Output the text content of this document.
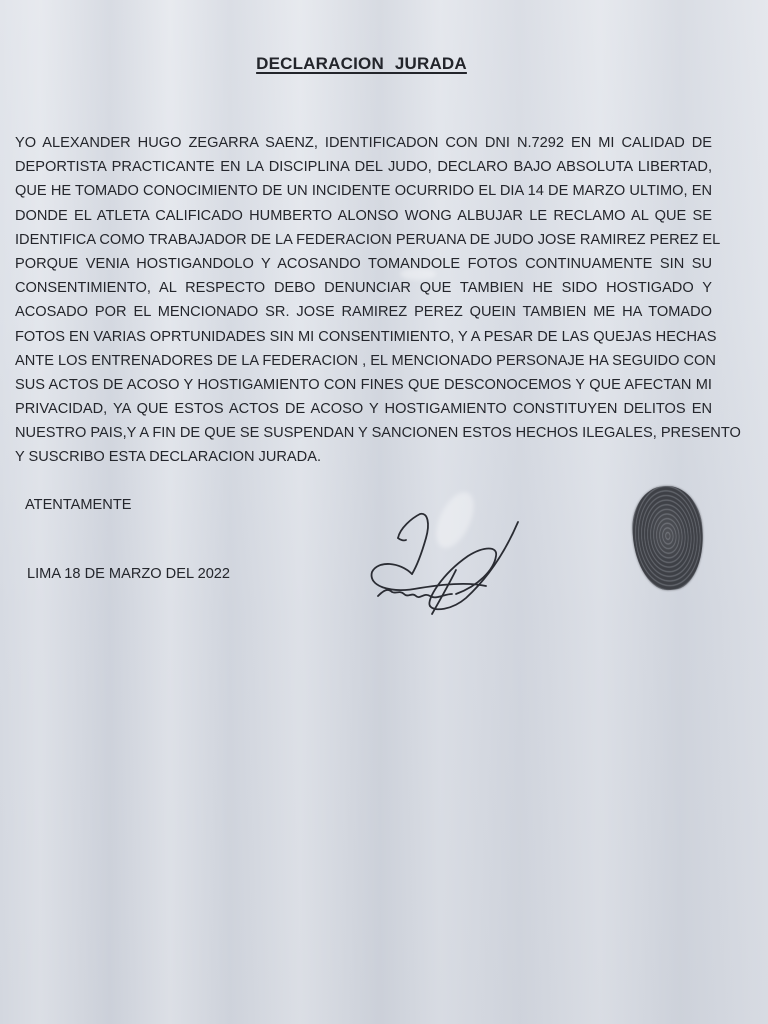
DECLARACION JURADA
YO ALEXANDER HUGO ZEGARRA SAENZ, IDENTIFICADON CON DNI N.7292 EN MI CALIDAD DE
DEPORTISTA PRACTICANTE EN LA DISCIPLINA DEL JUDO, DECLARO BAJO ABSOLUTA LIBERTAD,
QUE HE TOMADO CONOCIMIENTO DE UN INCIDENTE OCURRIDO EL DIA 14 DE MARZO ULTIMO, EN
DONDE EL ATLETA CALIFICADO HUMBERTO ALONSO WONG ALBUJAR LE RECLAMO AL QUE SE
IDENTIFICA COMO TRABAJADOR DE LA FEDERACION PERUANA DE JUDO JOSE RAMIREZ PEREZ EL
PORQUE VENIA HOSTIGANDOLO Y ACOSANDO TOMANDOLE FOTOS CONTINUAMENTE SIN SU
CONSENTIMIENTO, AL RESPECTO DEBO DENUNCIAR QUE TAMBIEN HE SIDO HOSTIGADO Y
ACOSADO POR EL MENCIONADO SR. JOSE RAMIREZ PEREZ QUEIN TAMBIEN ME HA TOMADO
FOTOS EN VARIAS OPRTUNIDADES SIN MI CONSENTIMIENTO, Y A PESAR DE LAS QUEJAS HECHAS
ANTE LOS ENTRENADORES DE LA FEDERACION , EL MENCIONADO PERSONAJE HA SEGUIDO CON
SUS ACTOS DE ACOSO Y HOSTIGAMIENTO CON FINES QUE DESCONOCEMOS Y QUE AFECTAN MI
PRIVACIDAD, YA QUE ESTOS ACTOS DE ACOSO Y HOSTIGAMIENTO CONSTITUYEN DELITOS EN
NUESTRO PAIS,Y A FIN DE QUE SE SUSPENDAN Y SANCIONEN ESTOS HECHOS ILEGALES, PRESENTO
Y SUSCRIBO ESTA DECLARACION JURADA.
ATENTAMENTE
LIMA 18 DE MARZO DEL 2022
